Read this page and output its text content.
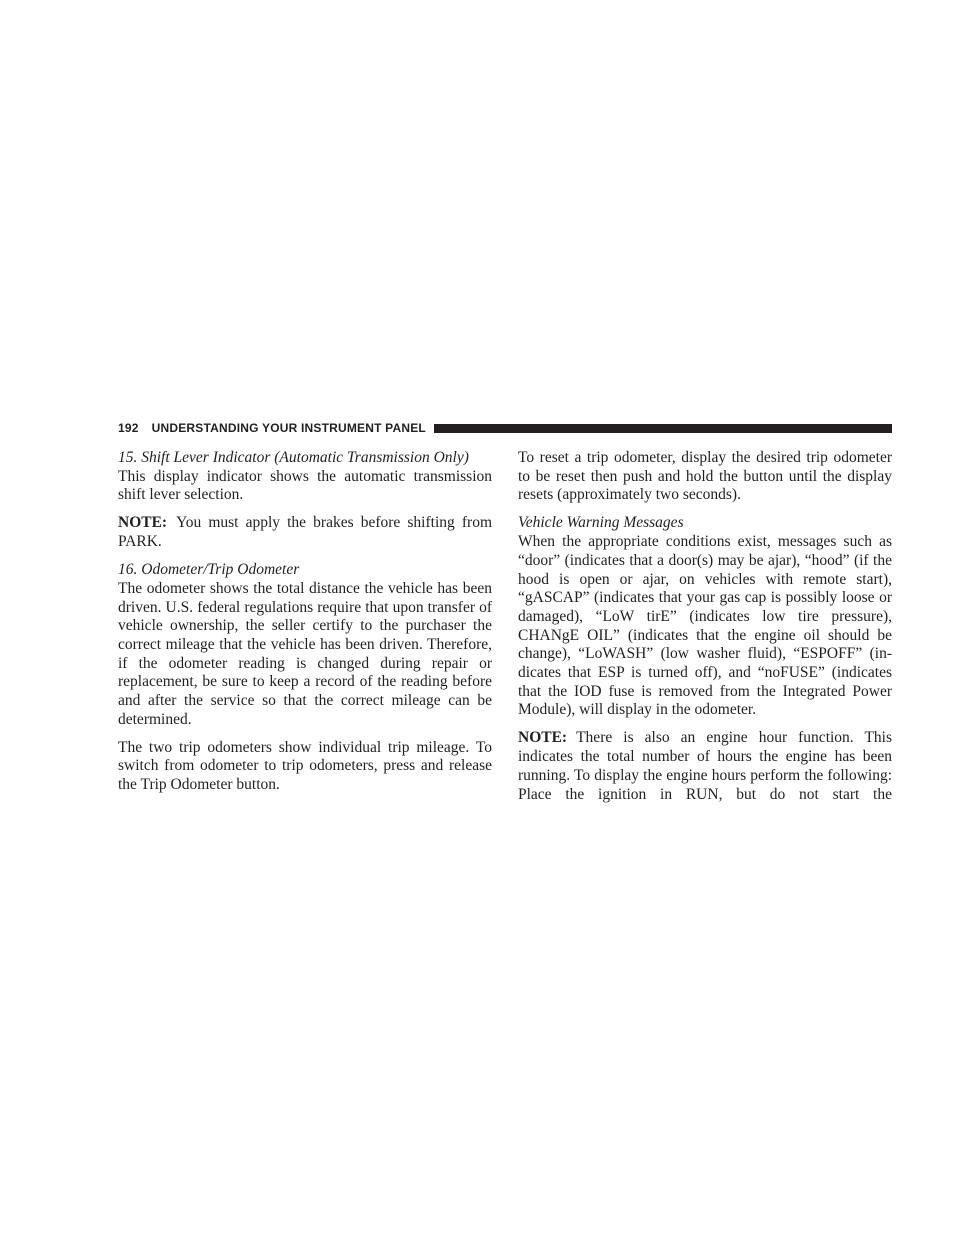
192 UNDERSTANDING YOUR INSTRUMENT PANEL
15. Shift Lever Indicator (Automatic Transmission Only)

This display indicator shows the automatic transmission shift lever selection.

NOTE: You must apply the brakes before shifting from PARK.

16. Odometer/Trip Odometer

The odometer shows the total distance the vehicle has been driven. U.S. federal regulations require that upon transfer of vehicle ownership, the seller certify to the purchaser the correct mileage that the vehicle has been driven. Therefore, if the odometer reading is changed during repair or replacement, be sure to keep a record of the reading before and after the service so that the correct mileage can be determined.

The two trip odometers show individual trip mileage. To switch from odometer to trip odometers, press and release the Trip Odometer button.

To reset a trip odometer, display the desired trip odometer to be reset then push and hold the button until the display resets (approximately two seconds).

Vehicle Warning Messages

When the appropriate conditions exist, messages such as “door” (indicates that a door(s) may be ajar), “hood” (if the hood is open or ajar, on vehicles with remote start), “gASCAP” (indicates that your gas cap is possibly loose or damaged), “LoW tirE” (indicates low tire pressure), CHANgE OIL” (indicates that the engine oil should be change), “LoWASH” (low washer fluid), “ESPOFF” (indicates that ESP is turned off), and “noFUSE” (indicates that the IOD fuse is removed from the Integrated Power Module), will display in the odometer.

NOTE: There is also an engine hour function. This indicates the total number of hours the engine has been running. To display the engine hours perform the following: Place the ignition in RUN, but do not start the
